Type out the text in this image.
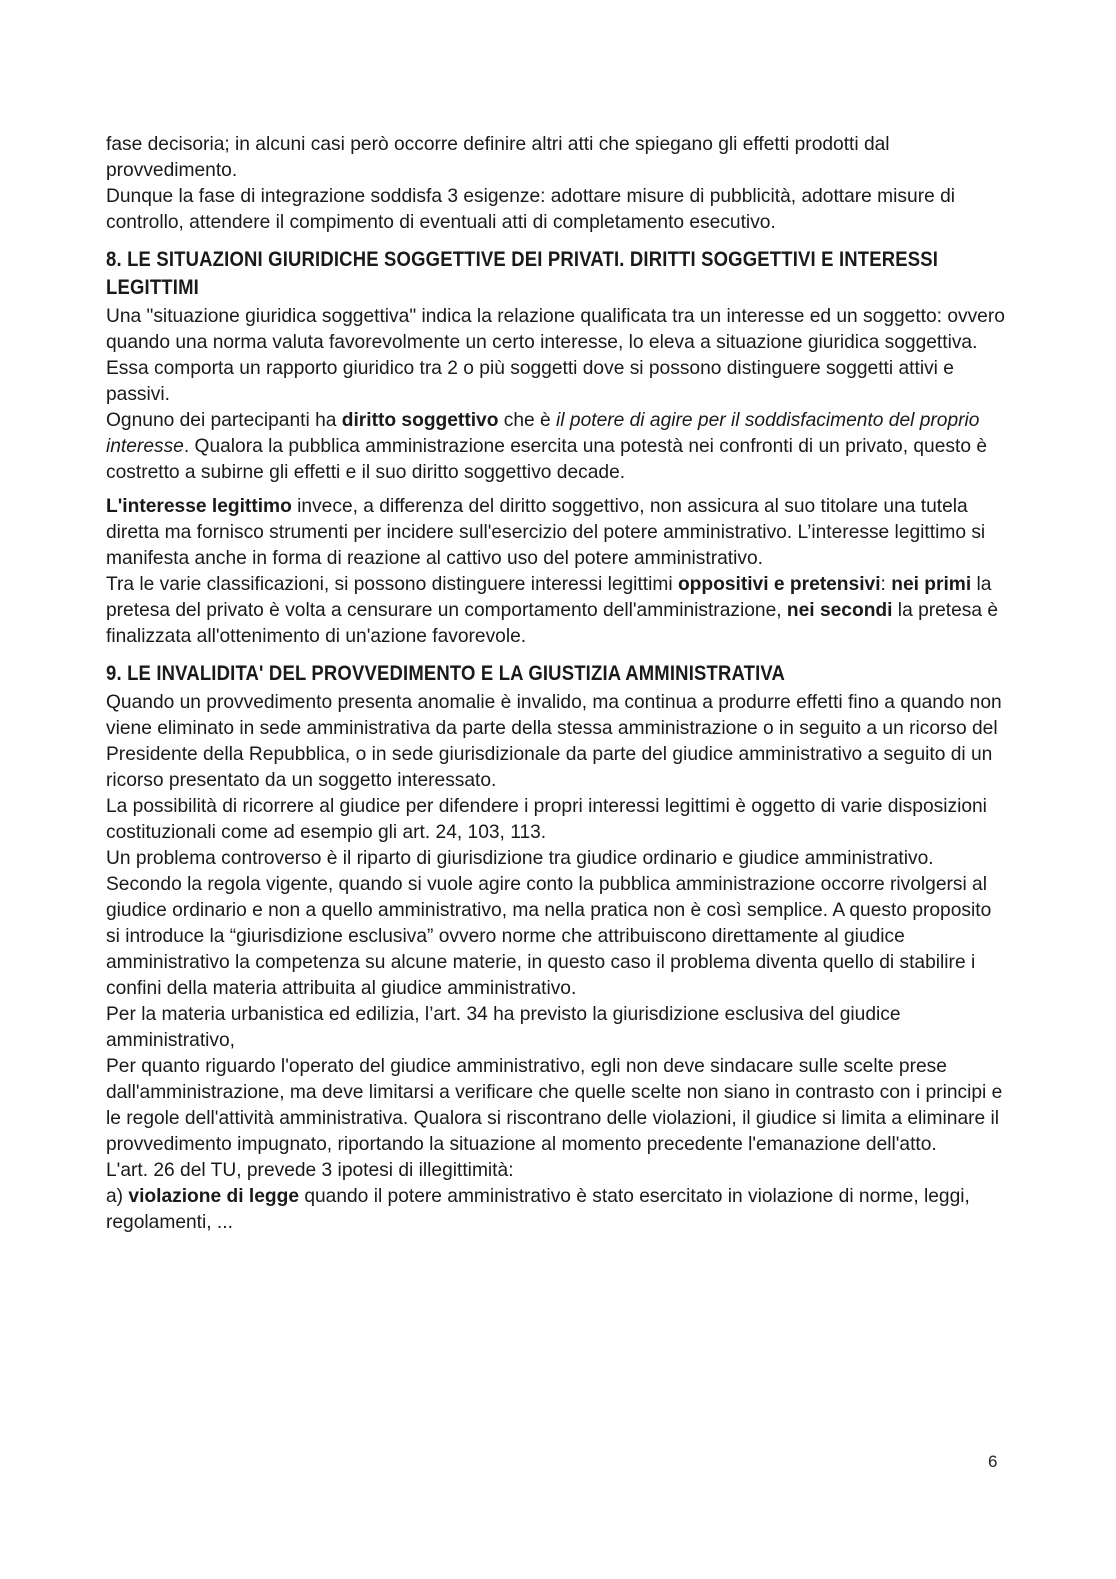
fase decisoria; in alcuni casi però occorre definire altri atti che spiegano gli effetti prodotti dal provvedimento.

Dunque la fase di integrazione soddisfa 3 esigenze: adottare misure di pubblicità, adottare misure di controllo, attendere il compimento di eventuali atti di completamento esecutivo.

8. LE SITUAZIONI GIURIDICHE SOGGETTIVE DEI PRIVATI. DIRITTI SOGGETTIVI E INTERESSI LEGITTIMI

Una "situazione giuridica soggettiva" indica la relazione qualificata tra un interesse ed un soggetto: ovvero quando una norma valuta favorevolmente un certo interesse, lo eleva a situazione giuridica soggettiva. Essa comporta un rapporto giuridico tra 2 o più soggetti dove si possono distinguere soggetti attivi e passivi.

Ognuno dei partecipanti ha diritto soggettivo che è il potere di agire per il soddisfacimento del proprio interesse. Qualora la pubblica amministrazione esercita una potestà nei confronti di un privato, questo è costretto a subirne gli effetti e il suo diritto soggettivo decade.

L'interesse legittimo invece, a differenza del diritto soggettivo, non assicura al suo titolare una tutela diretta ma fornisco strumenti per incidere sull'esercizio del potere amministrativo. L’interesse legittimo si manifesta anche in forma di reazione al cattivo uso del potere amministrativo.

Tra le varie classificazioni, si possono distinguere interessi legittimi oppositivi e pretensivi: nei primi la pretesa del privato è volta a censurare un comportamento dell'amministrazione, nei secondi la pretesa è finalizzata all'ottenimento di un'azione favorevole.

9. LE INVALIDITA' DEL PROVVEDIMENTO E LA GIUSTIZIA AMMINISTRATIVA

Quando un provvedimento presenta anomalie è invalido, ma continua a produrre effetti fino a quando non viene eliminato in sede amministrativa da parte della stessa amministrazione o in seguito a un ricorso del Presidente della Repubblica, o in sede giurisdizionale da parte del giudice amministrativo a seguito di un ricorso presentato da un soggetto interessato.

La possibilità di ricorrere al giudice per difendere i propri interessi legittimi è oggetto di varie disposizioni costituzionali come ad esempio gli art. 24, 103, 113.

Un problema controverso è il riparto di giurisdizione tra giudice ordinario e giudice amministrativo. Secondo la regola vigente, quando si vuole agire conto la pubblica amministrazione occorre rivolgersi al giudice ordinario e non a quello amministrativo, ma nella pratica non è così semplice. A questo proposito si introduce la “giurisdizione esclusiva” ovvero norme che attribuiscono direttamente al giudice amministrativo la competenza su alcune materie, in questo caso il problema diventa quello di stabilire i confini della materia attribuita al giudice amministrativo.

Per la materia urbanistica ed edilizia, l’art. 34 ha previsto la giurisdizione esclusiva del giudice amministrativo,

Per quanto riguardo l'operato del giudice amministrativo, egli non deve sindacare sulle scelte prese dall'amministrazione, ma deve limitarsi a verificare che quelle scelte non siano in contrasto con i principi e le regole dell'attività amministrativa. Qualora si riscontrano delle violazioni, il giudice si limita a eliminare il provvedimento impugnato, riportando la situazione al momento precedente l'emanazione dell'atto.

L'art. 26 del TU, prevede 3 ipotesi di illegittimità:

a) violazione di legge quando il potere amministrativo è stato esercitato in violazione di norme, leggi, regolamenti, ...

6
